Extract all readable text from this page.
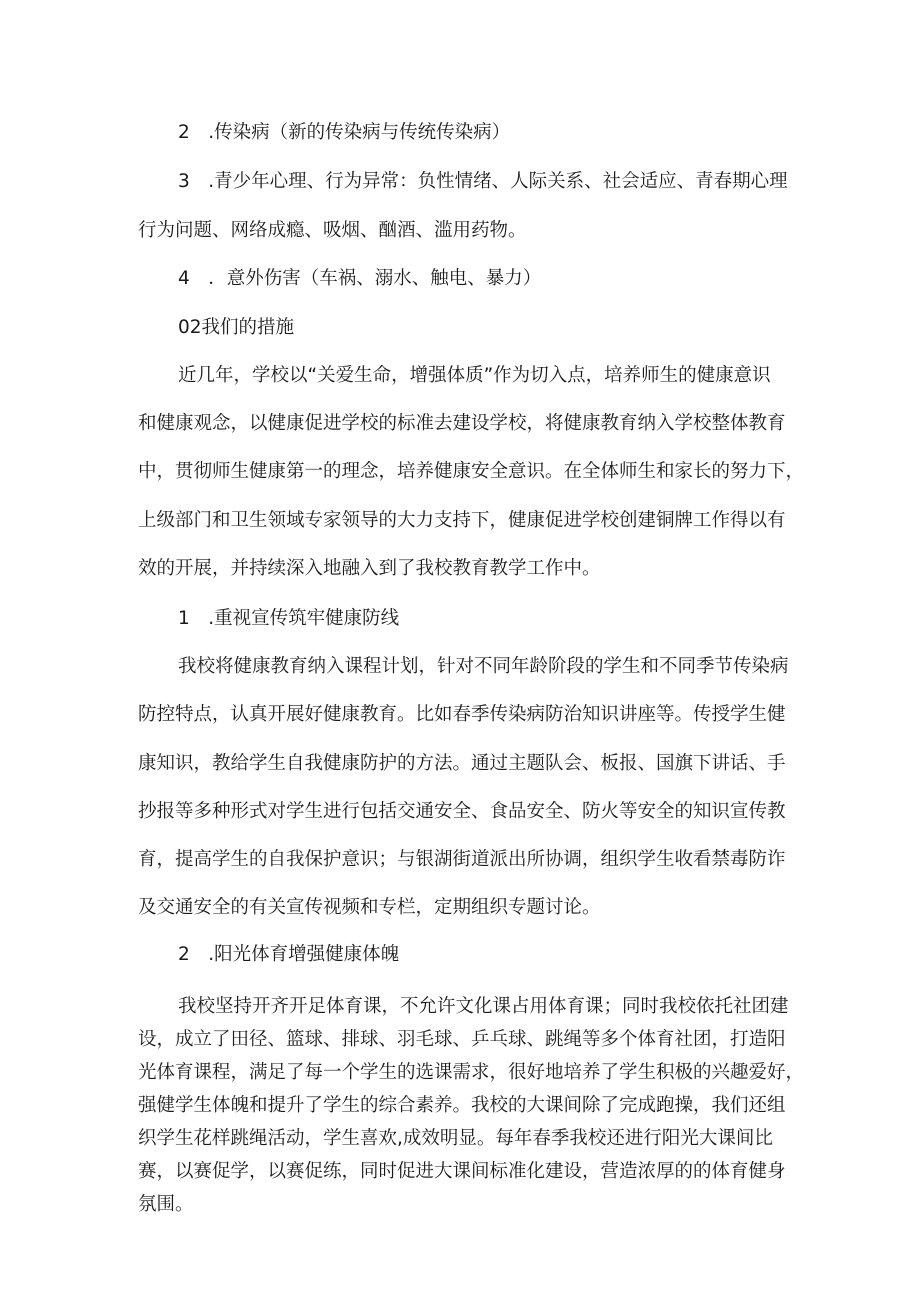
2　.传染病（新的传染病与传统传染病）

3　.青少年心理、行为异常：负性情绪、人际关系、社会适应、青春期心理

行为问题、网络成瘾、吸烟、酗酒、滥用药物。

4　．意外伤害（车祸、溺水、触电、暴力）

02我们的措施

近几年，学校以“关爱生命，增强体质”作为切入点，培养师生的健康意识

和健康观念，以健康促进学校的标准去建设学校，将健康教育纳入学校整体教育

中，贯彻师生健康第一的理念，培养健康安全意识。在全体师生和家长的努力下，

上级部门和卫生领域专家领导的大力支持下，健康促进学校创建铜牌工作得以有

效的开展，并持续深入地融入到了我校教育教学工作中。

1　.重视宣传筑牢健康防线

我校将健康教育纳入课程计划，针对不同年龄阶段的学生和不同季节传染病

防控特点，认真开展好健康教育。比如春季传染病防治知识讲座等。传授学生健

康知识，教给学生自我健康防护的方法。通过主题队会、板报、国旗下讲话、手

抄报等多种形式对学生进行包括交通安全、食品安全、防火等安全的知识宣传教

育，提高学生的自我保护意识；与银湖街道派出所协调，组织学生收看禁毒防诈

及交通安全的有关宣传视频和专栏，定期组织专题讨论。

2　.阳光体育增强健康体魄

我校坚持开齐开足体育课，不允许文化课占用体育课；同时我校依托社团建

设，成立了田径、篮球、排球、羽毛球、乒乓球、跳绳等多个体育社团，打造阳

光体育课程，满足了每一个学生的选课需求，很好地培养了学生积极的兴趣爱好，

强健学生体魄和提升了学生的综合素养。我校的大课间除了完成跑操，我们还组

织学生花样跳绳活动，学生喜欢,成效明显。每年春季我校还进行阳光大课间比

赛，以赛促学，以赛促练，同时促进大课间标准化建设，营造浓厚的的体育健身

氛围。
